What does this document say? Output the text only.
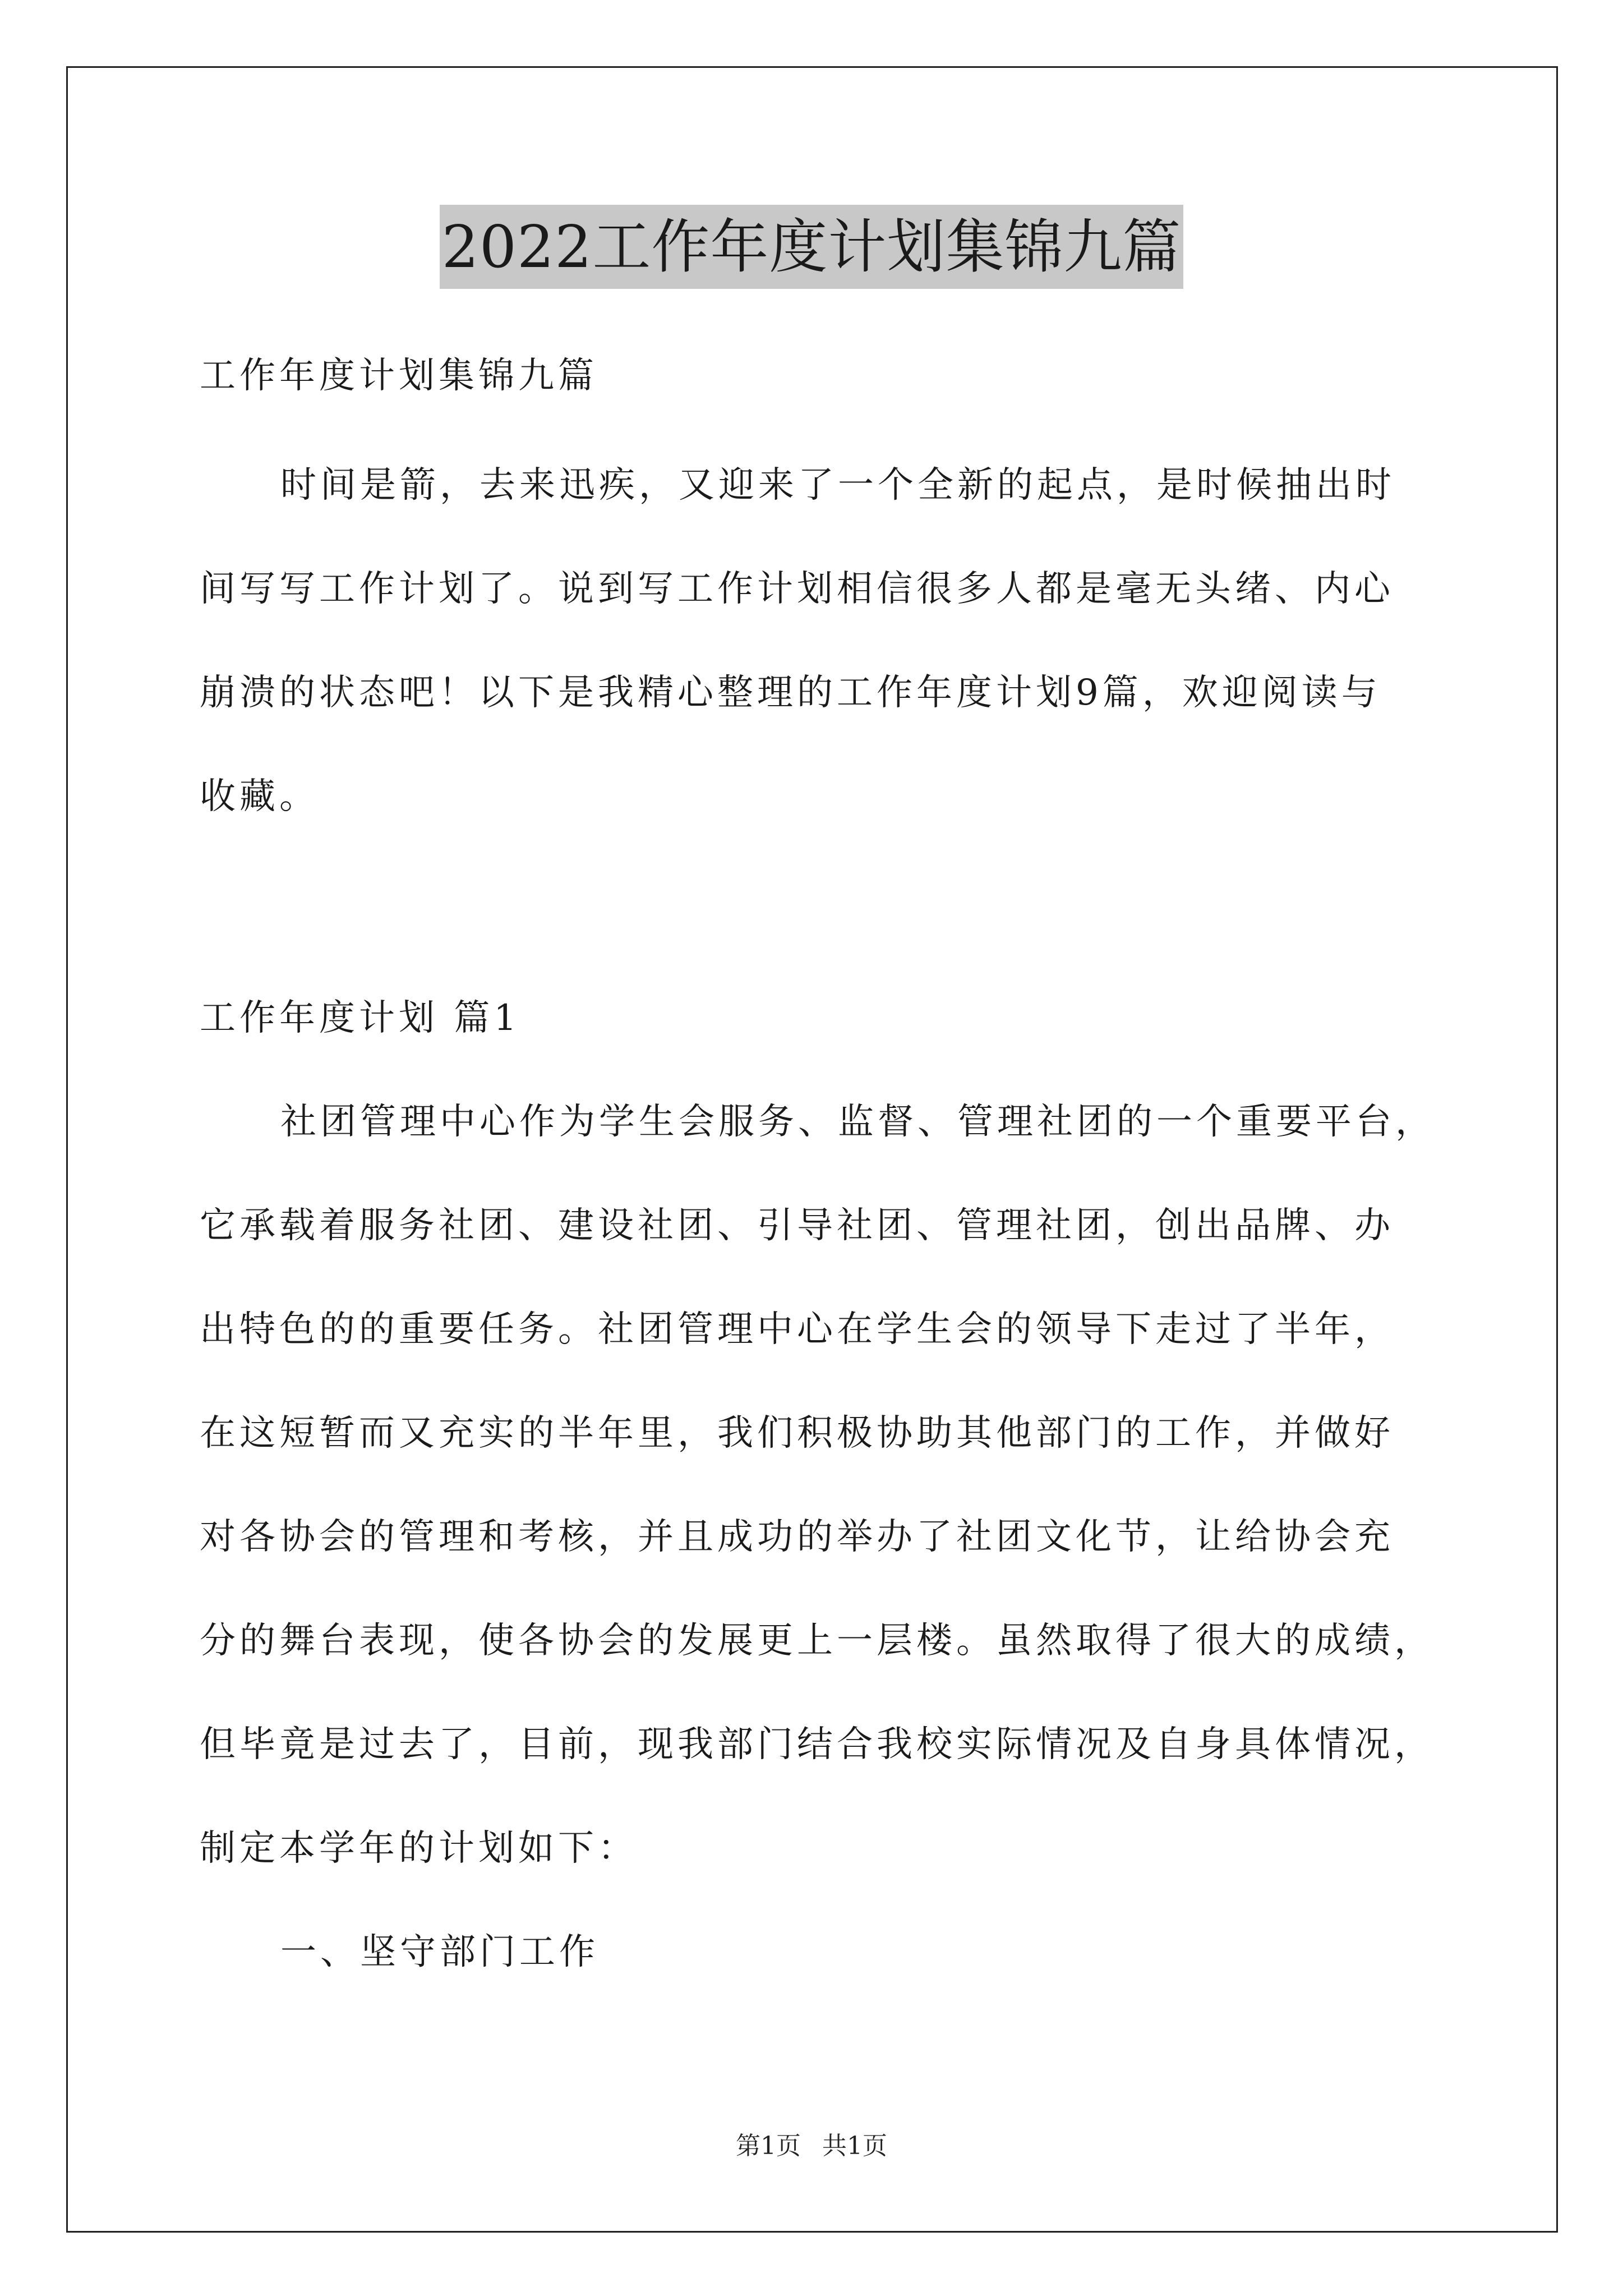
2022工作年度计划集锦九篇
工作年度计划集锦九篇
时间是箭，去来迅疾，又迎来了一个全新的起点，是时候抽出时
间写写工作计划了。说到写工作计划相信很多人都是毫无头绪、内心
崩溃的状态吧！以下是我精心整理的工作年度计划9篇，欢迎阅读与
收藏。
工作年度计划 篇1
社团管理中心作为学生会服务、监督、管理社团的一个重要平台，
它承载着服务社团、建设社团、引导社团、管理社团，创出品牌、办
出特色的的重要任务。社团管理中心在学生会的领导下走过了半年，
在这短暂而又充实的半年里，我们积极协助其他部门的工作，并做好
对各协会的管理和考核，并且成功的举办了社团文化节，让给协会充
分的舞台表现，使各协会的发展更上一层楼。虽然取得了很大的成绩，
但毕竟是过去了，目前，现我部门结合我校实际情况及自身具体情况，
制定本学年的计划如下：
一、坚守部门工作
第1页 共1页
